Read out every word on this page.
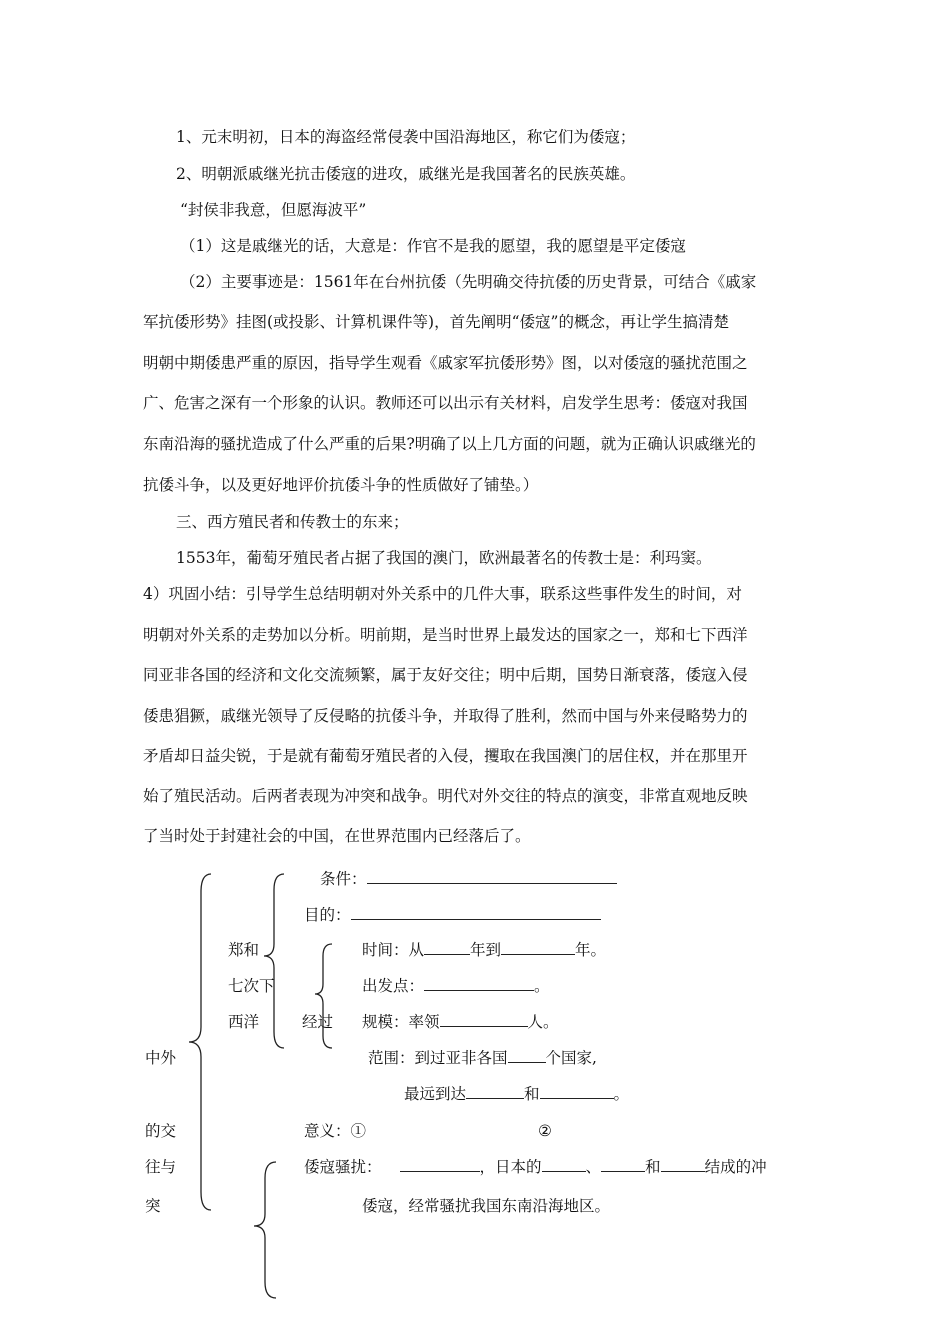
1、元末明初，日本的海盗经常侵袭中国沿海地区，称它们为倭寇；
2、明朝派戚继光抗击倭寇的进攻，戚继光是我国著名的民族英雄。
“封侯非我意，但愿海波平”
（1）这是戚继光的话，大意是：作官不是我的愿望，我的愿望是平定倭寇
（2）主要事迹是：1561年在台州抗倭（先明确交待抗倭的历史背景，可结合《戚家
军抗倭形势》挂图(或投影、计算机课件等)，首先阐明“倭寇”的概念，再让学生搞清楚
明朝中期倭患严重的原因，指导学生观看《戚家军抗倭形势》图，以对倭寇的骚扰范围之
广、危害之深有一个形象的认识。教师还可以出示有关材料，启发学生思考：倭寇对我国
东南沿海的骚扰造成了什么严重的后果?明确了以上几方面的问题，就为正确认识戚继光的
抗倭斗争，以及更好地评价抗倭斗争的性质做好了铺垫。）
三、西方殖民者和传教士的东来；
1553年，葡萄牙殖民者占据了我国的澳门，欧洲最著名的传教士是：利玛窦。
4）巩固小结：引导学生总结明朝对外关系中的几件大事，联系这些事件发生的时间，对
明朝对外关系的走势加以分析。明前期，是当时世界上最发达的国家之一，郑和七下西洋
同亚非各国的经济和文化交流频繁，属于友好交往；明中后期，国势日渐衰落，倭寇入侵
倭患猖獗，戚继光领导了反侵略的抗倭斗争，并取得了胜利，然而中国与外来侵略势力的
矛盾却日益尖锐，于是就有葡萄牙殖民者的入侵，攫取在我国澳门的居住权，并在那里开
始了殖民活动。后两者表现为冲突和战争。明代对外交往的特点的演变，非常直观地反映
了当时处于封建社会的中国，在世界范围内已经落后了。
中外
的交
往与
突
郑和
七次下
西洋	经过
条件：
目的：
时间：从	年到	年。
出发点：	。
规模：率领	人。
范围：到过亚非各国 个国家,
最远到达	和	。
意义：①	②
倭寇骚扰：	，日本的	、	和	结成的冲
倭寇，经常骚扰我国东南沿海地区。
